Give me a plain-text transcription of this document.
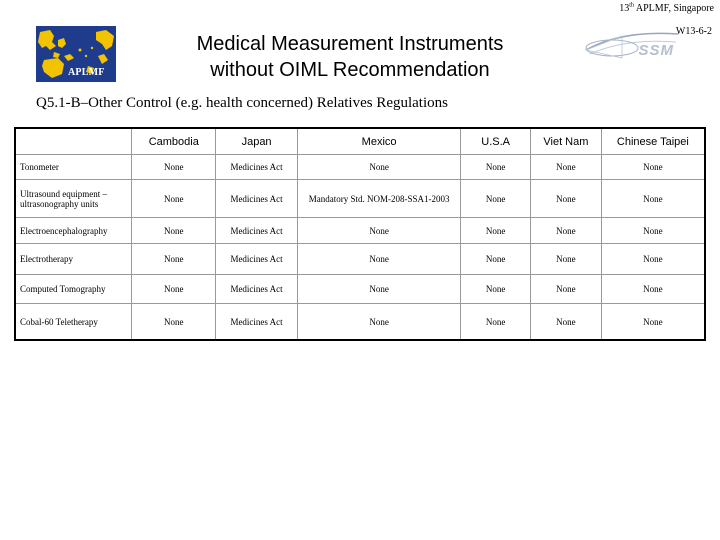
13th APLMF, Singapore
W13-6-2
APLMF
SSM
Medical Measurement Instruments
without OIML Recommendation
Q5.1-B–Other Control (e.g. health concerned) Relatives Regulations
	Cambodia	Japan	Mexico	U.S.A	Viet Nam	Chinese Taipei
Tonometer	None	Medicines Act	None	None	None	None
Ultrasound equipment – ultrasonography units	None	Medicines Act	Mandatory Std. NOM-208-SSA1-2003	None	None	None
Electroencephalography	None	Medicines Act	None	None	None	None
Electrotherapy	None	Medicines Act	None	None	None	None
Computed Tomography	None	Medicines Act	None	None	None	None
Cobal-60 Teletherapy	None	Medicines Act	None	None	None	None
